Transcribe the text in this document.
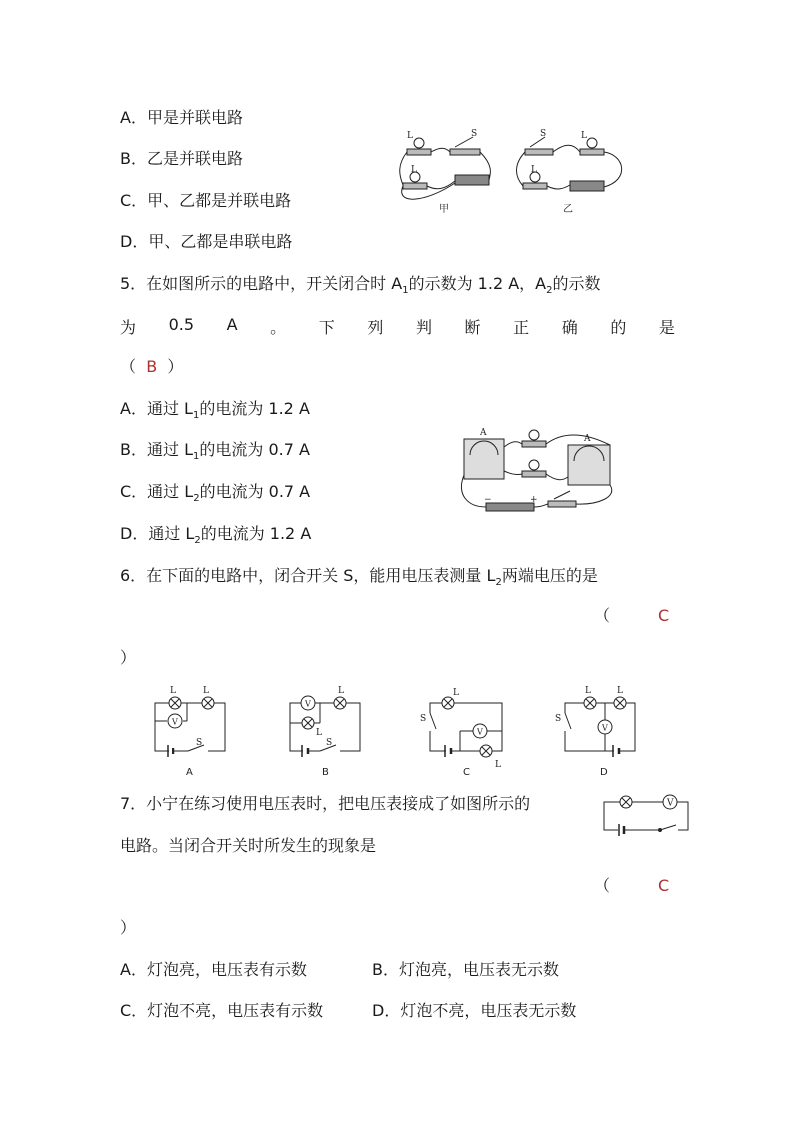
A．甲是并联电路
B．乙是并联电路
C．甲、乙都是并联电路
D．甲、乙都是串联电路
L	S
L
甲
S	L
L
乙
5．在如图所示的电路中，开关闭合时 $A_1$的示数为 1.2 A，$A_2$的示数
为 0.5 A 。 下 列 判 断 正 确 的 是
（ B ）
A．通过 $L_1$的电流为 1.2 A
B．通过 $L_1$的电流为 0.7 A
C．通过 $L_2$的电流为 0.7 A
D．通过 $L_2$的电流为 1.2 A
A
A
−	+
6．在下面的电路中，闭合开关 S，能用电压表测量 $L_2$两端电压的是
（	C
）
V
L	L
S
V
L
L
S
S
L
V
L
L	L
S
V
A	B	C	D
7．小宁在练习使用电压表时，把电压表接成了如图所示的
电路。当闭合开关时所发生的现象是
（	C
）
V
A．灯泡亮，电压表有示数	B．灯泡亮，电压表无示数
C．灯泡不亮，电压表有示数	D．灯泡不亮，电压表无示数
